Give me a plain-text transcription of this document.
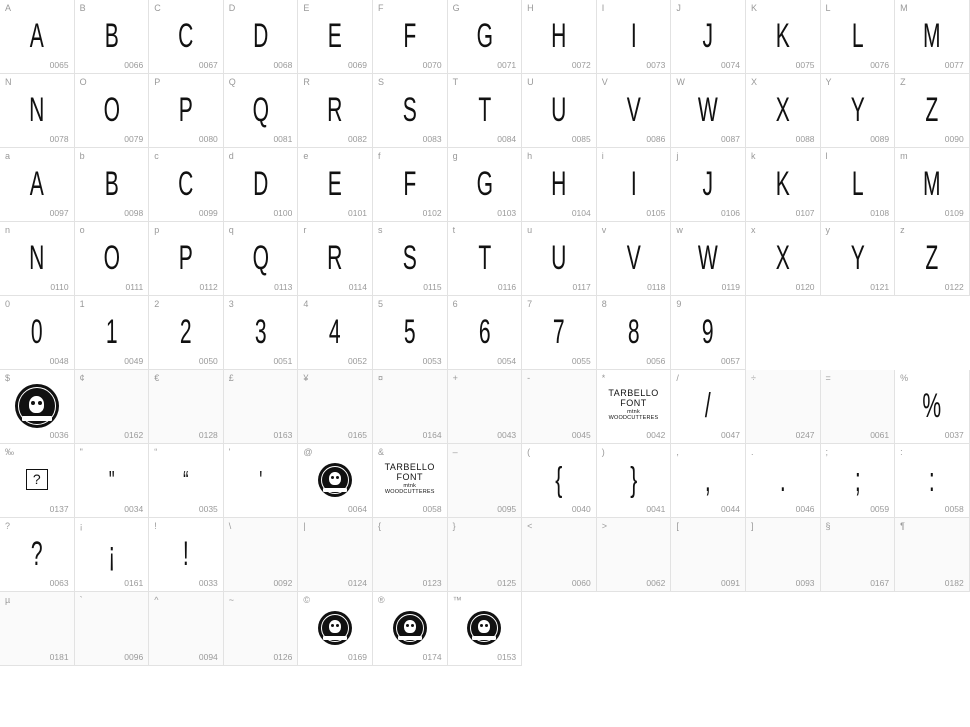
A
0065
A
B
0066
B
C
0067
C
D
0068
D
E
0069
E
F
0070
F
G
0071
G
H
0072
H
I
0073
I
J
0074
J
K
0075
K
L
0076
L
M
0077
M
N
0078
N
O
0079
O
P
0080
P
Q
0081
Q
R
0082
R
S
0083
S
T
0084
T
U
0085
U
V
0086
V
W
0087
W
X
0088
X
Y
0089
Y
Z
0090
Z
a
0097
A
b
0098
B
c
0099
C
d
0100
D
e
0101
E
f
0102
F
g
0103
G
h
0104
H
i
0105
I
j
0106
J
k
0107
K
l
0108
L
m
0109
M
n
0110
N
o
0111
O
p
0112
P
q
0113
Q
r
0114
R
s
0115
S
t
0116
T
u
0117
U
v
0118
V
w
0119
W
x
0120
X
y
0121
Y
z
0122
Z
0
0048
0
1
0049
1
2
0050
2
3
0051
3
4
0052
4
5
0053
5
6
0054
6
7
0055
7
8
0056
8
9
0057
9
$
0036
¢
0162
€
0128
£
0163
¥
0165
¤
0164
+
0043
-
0045
*
0042
TARBELLO
FONT
mtnk
WOODCUTTERES
/
0047
/
÷
0247
=
0061
%
0037
%
‰
0137
?
"
0034
"
“
0035
“
'
'
@
0064
&
0058
TARBELLO
FONT
mtnk
WOODCUTTERES
–
0095
(
0040
{
)
0041
}
,
0044
,
.
0046
.
;
0059
;
:
0058
:
?
0063
?
¡
0161
¡
!
0033
!
\
0092
|
0124
{
0123
}
0125
<
0060
>
0062
[
0091
]
0093
§
0167
¶
0182
µ
0181
`
0096
^
0094
~
0126
©
0169
®
0174
™
0153
